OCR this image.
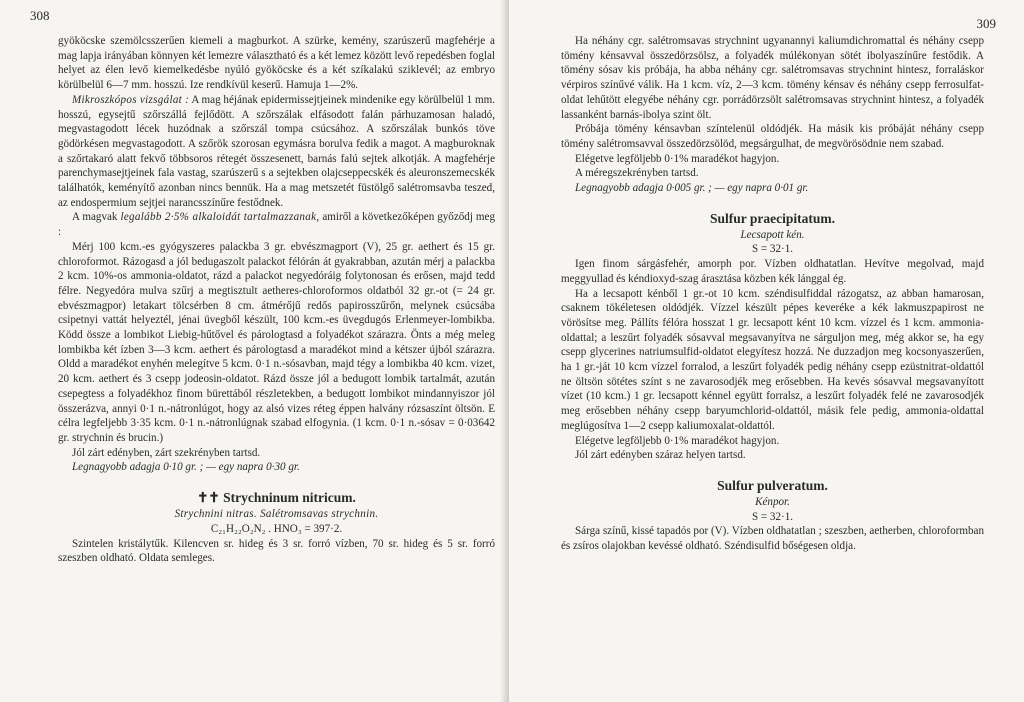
308

gyököcske szemölcsszerűen kiemeli a magburkot. A szürke, kemény, szarúszerű magfehérje a mag lapja irányában könnyen két lemezre választható és a két lemez között levő repedésben foglal helyet az élen levő kiemelkedésbe nyúló gyököcske és a két szíkalakú sziklevél; az embryo körülbelül 6—7 mm. hosszú. Ize rendkívül keserű. Hamuja 1—2%.

Mikroszkópos vizsgálat : A mag héjának epidermissejtjeinek mindenike egy körülbelül 1 mm. hosszú, egysejtű szőrszállá fejlődött. A szőrszálak elfásodott falán párhuzamosan haladó, megvastagodott lécek huzódnak a szőrszál tompa csúcsához. A szőrszálak bunkós töve gödörkésen megvastagodott. A szőrök szorosan egymásra borulva fedik a magot. A magburoknak a szőrtakaró alatt fekvő többsoros rétegét összesenett, barnás falú sejtek alkotják. A magfehérje parenchymasejtjeinek fala vastag, szarúszerű s a sejtekben olajcseppecskék és aleuronszemecskék találhatók, keményítő azonban nincs bennük. Ha a mag metszetét füstölgő salétromsavba teszed, az endospermium sejtjei narancsszínűre festődnek.

A magvak legalább 2·5% alkaloidát tartalmazzanak, amiről a következőképen győződj meg :

Mérj 100 kcm.-es gyógyszeres palackba 3 gr. ebvészmagport (V), 25 gr. aethert és 15 gr. chloroformot. Rázogasd a jól bedugaszolt palackot félórán át gyakrabban, azután mérj a palackba 2 kcm. 10%-os ammonia-oldatot, rázd a palackot negyedóráig folytonosan és erősen, majd tedd félre. Negyedóra mulva szűrj a megtisztult aetheres-chloroformos oldatból 32 gr.-ot (= 24 gr. ebvészmagpor) letakart tölcsérben 8 cm. átmérőjű redős papirosszűrőn, melynek csúcsába csipetnyi vattát helyeztél, jénai üvegből készült, 100 kcm.-es üvegdugós Erlenmeyer-lombikba. Ködd össze a lombikot Liebig-hűtővel és párologtasd a folyadékot szárazra. Önts a még meleg lombikba két ízben 3—3 kcm. aethert és párologtasd a maradékot mind a kétszer újból szárazra. Oldd a maradékot enyhén melegítve 5 kcm. 0·1 n.-sósavban, majd tégy a lombikba 40 kcm. vizet, 20 kcm. aethert és 3 csepp jodeosin-oldatot. Rázd össze jól a bedugott lombik tartalmát, azután csepegtess a folyadékhoz finom bürettából részletekben, a bedugott lombikot mindannyiszor jól összerázva, annyi 0·1 n.-nátronlúgot, hogy az alsó vizes réteg éppen halvány rózsaszínt öltsön. E célra legfeljebb 3·35 kcm. 0·1 n.-nátronlúgnak szabad elfogynia. (1 kcm. 0·1 n.-sósav = 0·03642 gr. strychnin és brucin.)

Jól zárt edényben, zárt szekrényben tartsd.

Legnagyobb adagja 0·10 gr. ; — egy napra 0·30 gr.

✝✝ Strychninum nitricum.

Strychnini nitras. Salétromsavas strychnin.

C₂₁H₂₂O₂N₂ . HNO₃ = 397·2.

Szintelen kristálytűk. Kilencven sr. hideg és 3 sr. forró vízben, 70 sr. hideg és 5 sr. forró szeszben oldható. Oldata semleges.

309

Ha néhány cgr. salétromsavas strychnint ugyanannyi kaliumdichromattal és néhány csepp tömény kénsavval összedörzsölsz, a folyadék múlékonyan sötét ibolyaszínűre festődik. A tömény sósav kis próbája, ha abba néhány cgr. salétromsavas strychnint hintesz, forraláskor vérpiros színűvé válik. Ha 1 kcm. víz, 2—3 kcm. tömény kénsav és néhány csepp ferrosulfat-oldat lehűtött elegyébe néhány cgr. porrádörzsölt salétromsavas strychnint hintesz, a folyadék lassanként barnás-ibolya szint ölt.

Próbája tömény kénsavban színtelenül oldódjék. Ha másik kis próbáját néhány csepp tömény salétromsavval összedörzsölöd, megsárgulhat, de megvörösödnie nem szabad.

Elégetve legföljebb 0·1% maradékot hagyjon.

A méregszekrényben tartsd.

Legnagyobb adagja 0·005 gr. ; — egy napra 0·01 gr.

Sulfur praecipitatum.

Lecsapott kén.

S = 32·1.

Igen finom sárgásfehér, amorph por. Vízben oldhatatlan. Hevítve megolvad, majd meggyullad és kéndioxyd-szag árasztása közben kék lánggal ég.

Ha a lecsapott kénből 1 gr.-ot 10 kcm. széndisulfiddal rázogatsz, az abban hamarosan, csaknem tökéletesen oldódjék. Vízzel készült pépes keveréke a kék lakmuszpapirost ne vörösítse meg. Pállíts félóra hosszat 1 gr. lecsapott ként 10 kcm. vízzel és 1 kcm. ammonia-oldattal; a leszűrt folyadék sósavval megsavanyítva ne sárguljon meg, még akkor se, ha egy csepp glycerines natriumsulfid-oldatot elegyítesz hozzá. Ne duzzadjon meg kocsonyaszerűen, ha 1 gr.-ját 10 kcm vízzel forralod, a leszűrt folyadék pedig néhány csepp ezüstnitrat-oldattól ne öltsön sötétes színt s ne zavarosodjék meg erősebben. Ha kevés sósavval megsavanyított vízet (10 kcm.) 1 gr. lecsapott kénnel együtt forralsz, a leszűrt folyadék felé ne zavarosodjék meg erősebben néhány csepp baryumchlorid-oldattól, másik fele pedig, ammonia-oldattal meglúgosítva 1—2 csepp kaliumoxalat-oldattól.

Elégetve legföljebb 0·1% maradékot hagyjon.

Jól zárt edényben száraz helyen tartsd.

Sulfur pulveratum.

Kénpor.

S = 32·1.

Sárga színű, kissé tapadós por (V). Vízben oldhatatlan ; szeszben, aetherben, chloroformban és zsíros olajokban kevéssé oldható. Széndisulfid bőségesen oldja.
